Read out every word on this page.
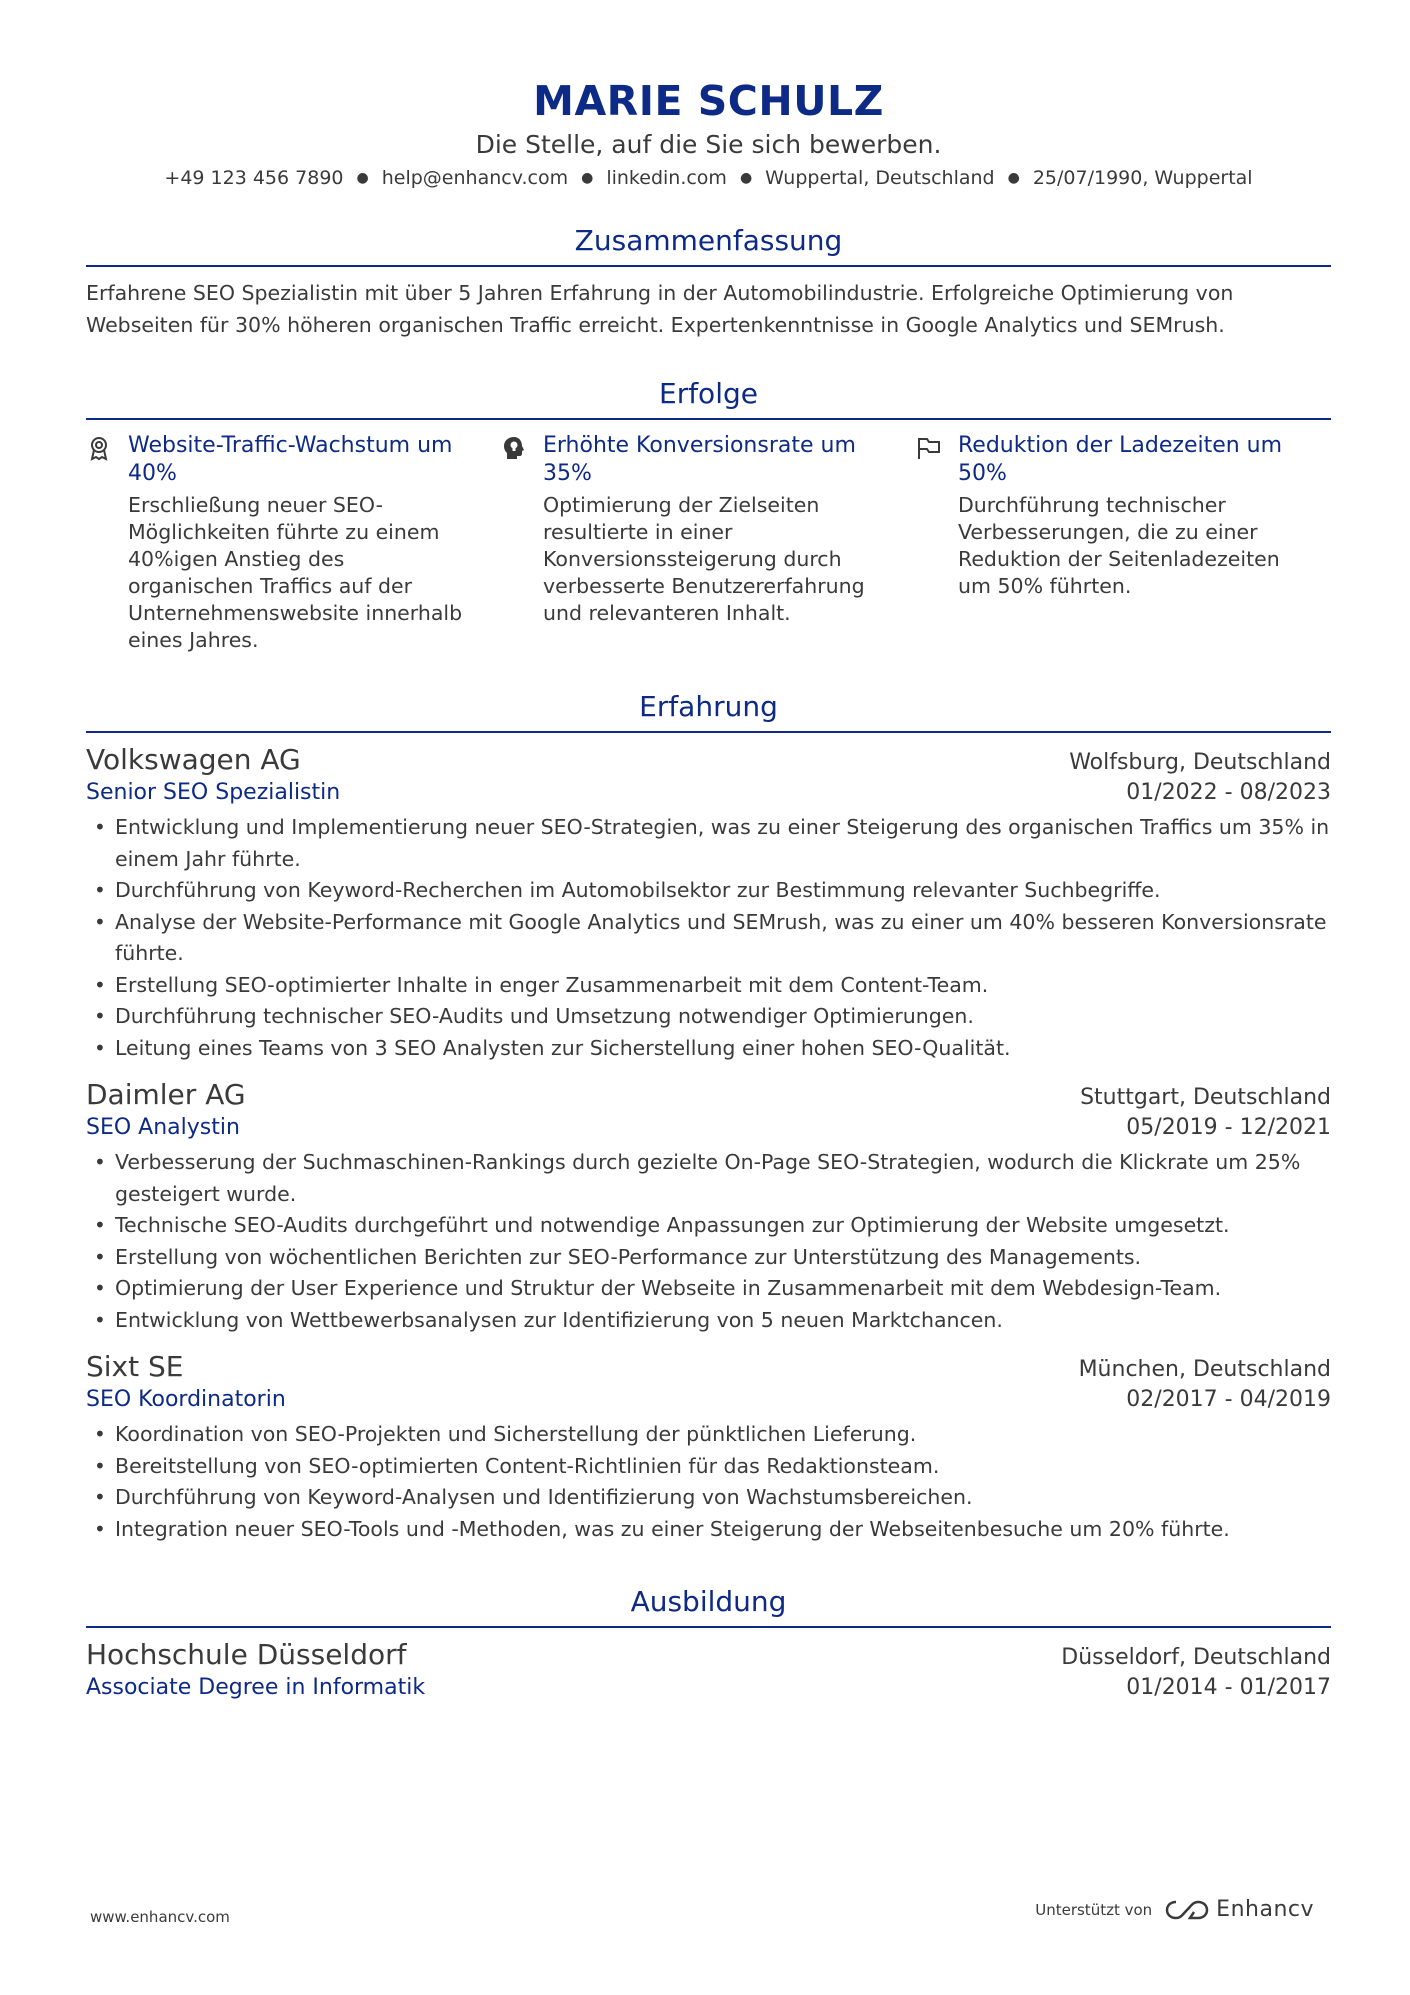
MARIE SCHULZ
Die Stelle, auf die Sie sich bewerben.
+49 123 456 7890 ● help@enhancv.com ● linkedin.com ● Wuppertal, Deutschland ● 25/07/1990, Wuppertal
Zusammenfassung
Erfahrene SEO Spezialistin mit über 5 Jahren Erfahrung in der Automobilindustrie. Erfolgreiche Optimierung von Webseiten für 30% höheren organischen Traffic erreicht. Expertenkenntnisse in Google Analytics und SEMrush.
Erfolge
Website-Traffic-Wachstum um 40%
Erschließung neuer SEO-Möglichkeiten führte zu einem 40%igen Anstieg des organischen Traffics auf der Unternehmenswebsite innerhalb eines Jahres.
Erhöhte Konversionsrate um 35%
Optimierung der Zielseiten resultierte in einer Konversionssteigerung durch verbesserte Benutzererfahrung und relevanteren Inhalt.
Reduktion der Ladezeiten um 50%
Durchführung technischer Verbesserungen, die zu einer Reduktion der Seitenladezeiten um 50% führten.
Erfahrung
Volkswagen AG	Wolfsburg, Deutschland
Senior SEO Spezialistin	01/2022 - 08/2023
• Entwicklung und Implementierung neuer SEO-Strategien, was zu einer Steigerung des organischen Traffics um 35% in einem Jahr führte.
• Durchführung von Keyword-Recherchen im Automobilsektor zur Bestimmung relevanter Suchbegriffe.
• Analyse der Website-Performance mit Google Analytics und SEMrush, was zu einer um 40% besseren Konversionsrate führte.
• Erstellung SEO-optimierter Inhalte in enger Zusammenarbeit mit dem Content-Team.
• Durchführung technischer SEO-Audits und Umsetzung notwendiger Optimierungen.
• Leitung eines Teams von 3 SEO Analysten zur Sicherstellung einer hohen SEO-Qualität.
Daimler AG	Stuttgart, Deutschland
SEO Analystin	05/2019 - 12/2021
• Verbesserung der Suchmaschinen-Rankings durch gezielte On-Page SEO-Strategien, wodurch die Klickrate um 25% gesteigert wurde.
• Technische SEO-Audits durchgeführt und notwendige Anpassungen zur Optimierung der Website umgesetzt.
• Erstellung von wöchentlichen Berichten zur SEO-Performance zur Unterstützung des Managements.
• Optimierung der User Experience und Struktur der Webseite in Zusammenarbeit mit dem Webdesign-Team.
• Entwicklung von Wettbewerbsanalysen zur Identifizierung von 5 neuen Marktchancen.
Sixt SE	München, Deutschland
SEO Koordinatorin	02/2017 - 04/2019
• Koordination von SEO-Projekten und Sicherstellung der pünktlichen Lieferung.
• Bereitstellung von SEO-optimierten Content-Richtlinien für das Redaktionsteam.
• Durchführung von Keyword-Analysen und Identifizierung von Wachstumsbereichen.
• Integration neuer SEO-Tools und -Methoden, was zu einer Steigerung der Webseitenbesuche um 20% führte.
Ausbildung
Hochschule Düsseldorf	Düsseldorf, Deutschland
Associate Degree in Informatik	01/2014 - 01/2017
www.enhancv.com	Unterstützt von	Enhancv
